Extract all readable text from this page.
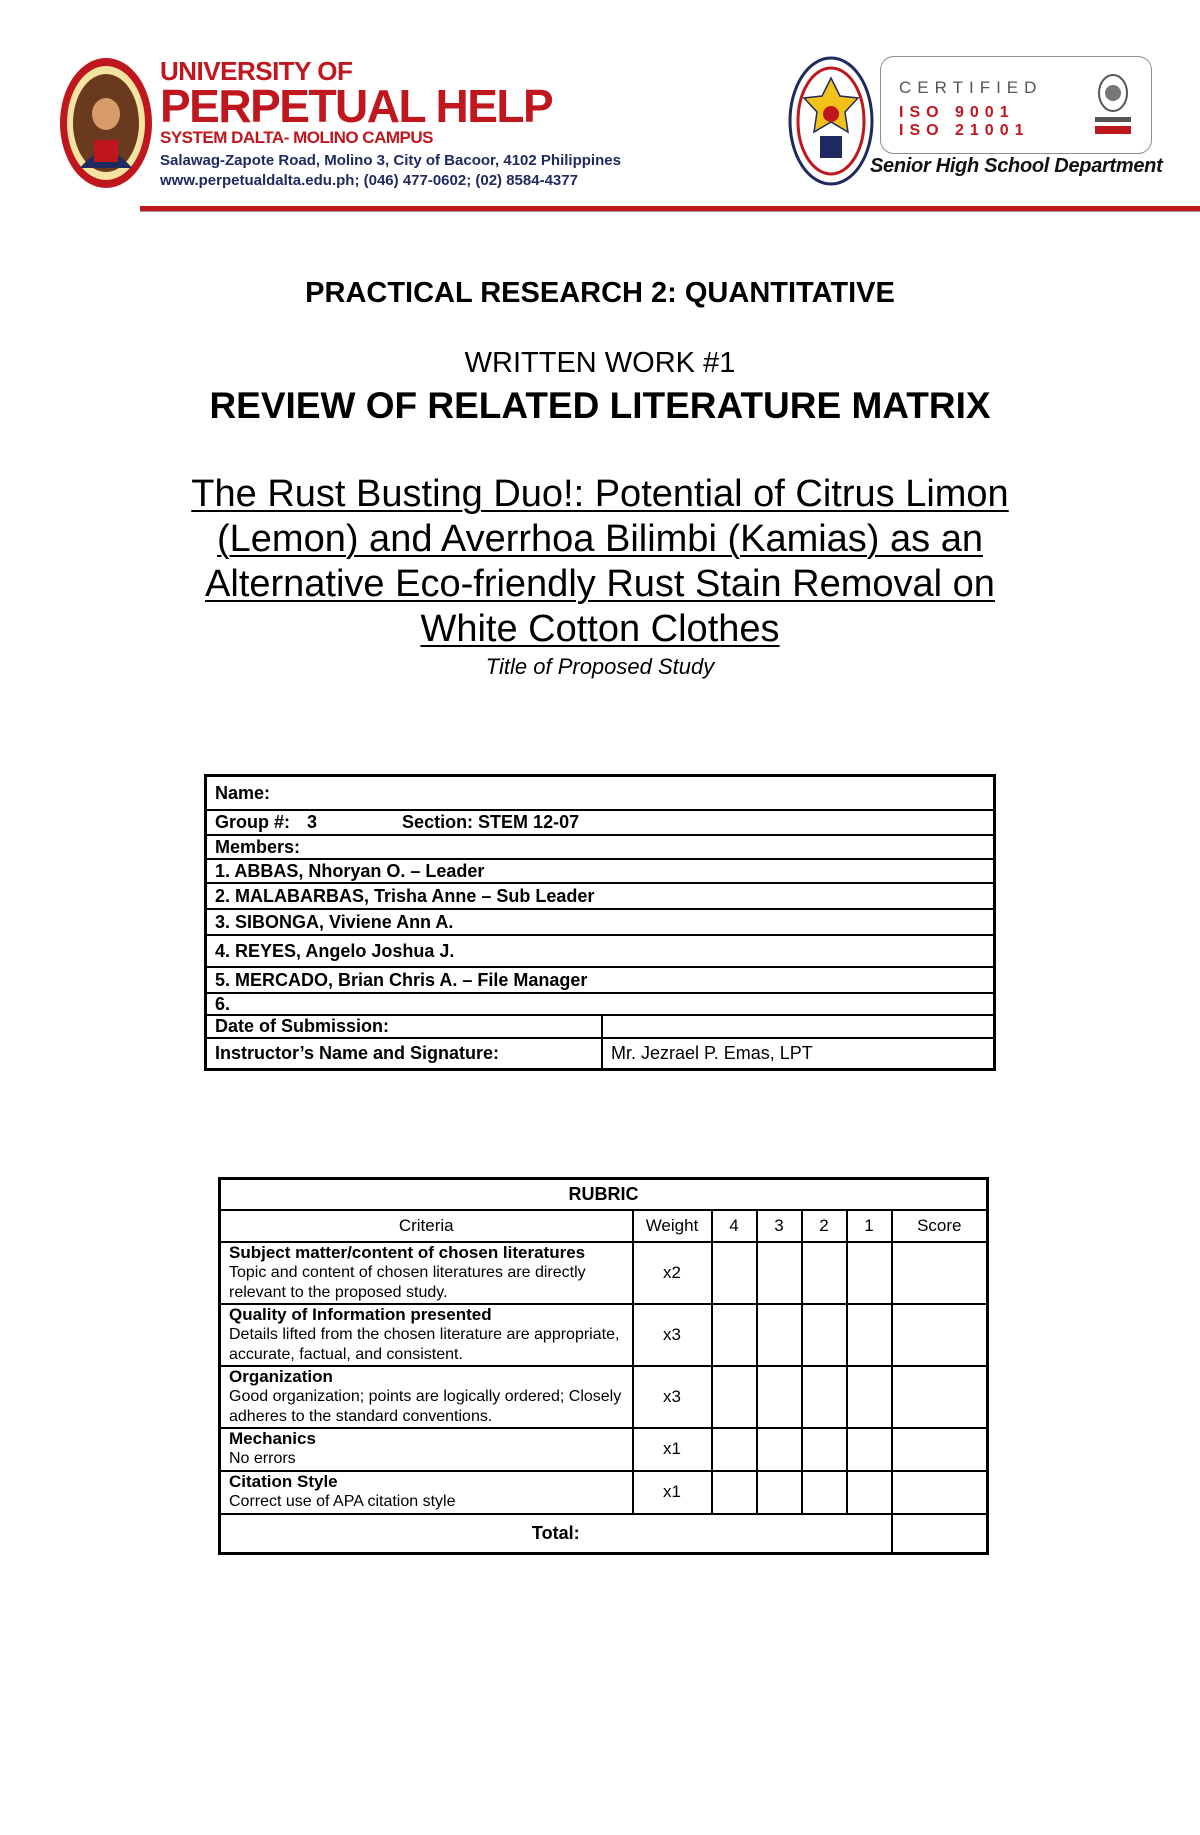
UNIVERSITY OF
PERPETUAL HELP
SYSTEM DALTA- MOLINO CAMPUS
Salawag-Zapote Road, Molino 3, City of Bacoor, 4102 Philippines
www.perpetualdalta.edu.ph; (046) 477-0602; (02) 8584-4377
CERTIFIED
ISO 9001
ISO 21001
Senior High School Department
PRACTICAL RESEARCH 2: QUANTITATIVE
WRITTEN WORK #1
REVIEW OF RELATED LITERATURE MATRIX
The Rust Busting Duo!: Potential of Citrus Limon
(Lemon) and Averrhoa Bilimbi (Kamias) as an
Alternative Eco-friendly Rust Stain Removal on
White Cotton Clothes
Title of Proposed Study
Name:	
Group #: 3 Section: STEM 12-07	
Members:	
1. ABBAS, Nhoryan O. – Leader	
2. MALABARBAS, Trisha Anne – Sub Leader	
3. SIBONGA, Viviene Ann A.	
4. REYES, Angelo Joshua J.	
5. MERCADO, Brian Chris A. – File Manager	
6.	
Date of Submission:	
Instructor’s Name and Signature:	Mr. Jezrael P. Emas, LPT
RUBRIC						
Criteria	Weight	4	3	2	1	Score

Subject matter/content of chosen literatures
Topic and content of chosen literatures are directly relevant to the proposed study.	x2					

Quality of Information presented
Details lifted from the chosen literature are appropriate, accurate, factual, and consistent.	x3					

Organization
Good organization; points are logically ordered; Closely adheres to the standard conventions.	x3					

Mechanics
No errors	x1					

Citation Style
Correct use of APA citation style	x1					
Total:						
